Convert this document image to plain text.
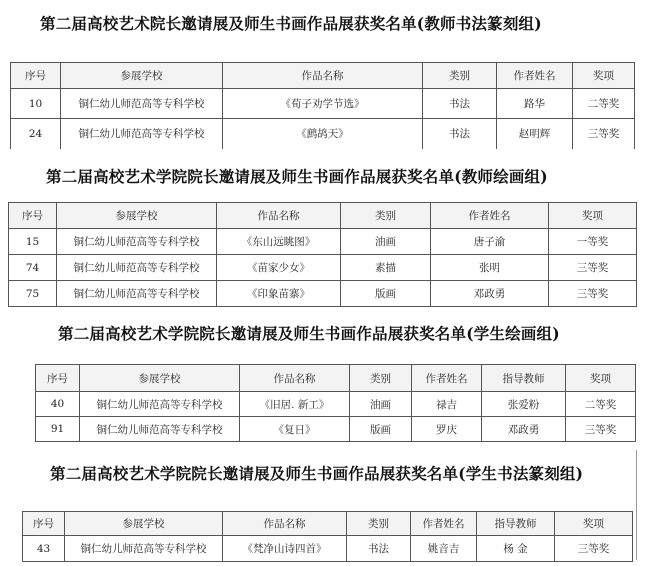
第二届高校艺术院长邀请展及师生书画作品展获奖名单(教师书法篆刻组)
序号	参展学校	作品名称	类别	作者姓名	奖项
10	铜仁幼儿师范高等专科学校	《荀子劝学节选》	书法	路华	二等奖
24	铜仁幼儿师范高等专科学校	《鹧鸪天》	书法	赵明辉	三等奖
第二届高校艺术学院院长邀请展及师生书画作品展获奖名单(教师绘画组)
序号	参展学校	作品名称	类别	作者姓名	奖项
15	铜仁幼儿师范高等专科学校	《东山远眺图》	油画	唐子渝	一等奖
74	铜仁幼儿师范高等专科学校	《苗家少女》	素描	张明	三等奖
75	铜仁幼儿师范高等专科学校	《印象苗寨》	版画	邓政勇	三等奖
第二届高校艺术学院院长邀请展及师生书画作品展获奖名单(学生绘画组)
序号	参展学校	作品名称	类别	作者姓名	指导教师	奖项
40	铜仁幼儿师范高等专科学校	《旧居. 新工》	油画	禄吉	张爱粉	二等奖
91	铜仁幼儿师范高等专科学校	《复日》	版画	罗庆	邓政勇	三等奖
第二届高校艺术学院院长邀请展及师生书画作品展获奖名单(学生书法篆刻组)
序号	参展学校	作品名称	类别	作者姓名	指导教师	奖项
43	铜仁幼儿师范高等专科学校	《梵净山诗四首》	书法	姚音吉	杨 金	三等奖
